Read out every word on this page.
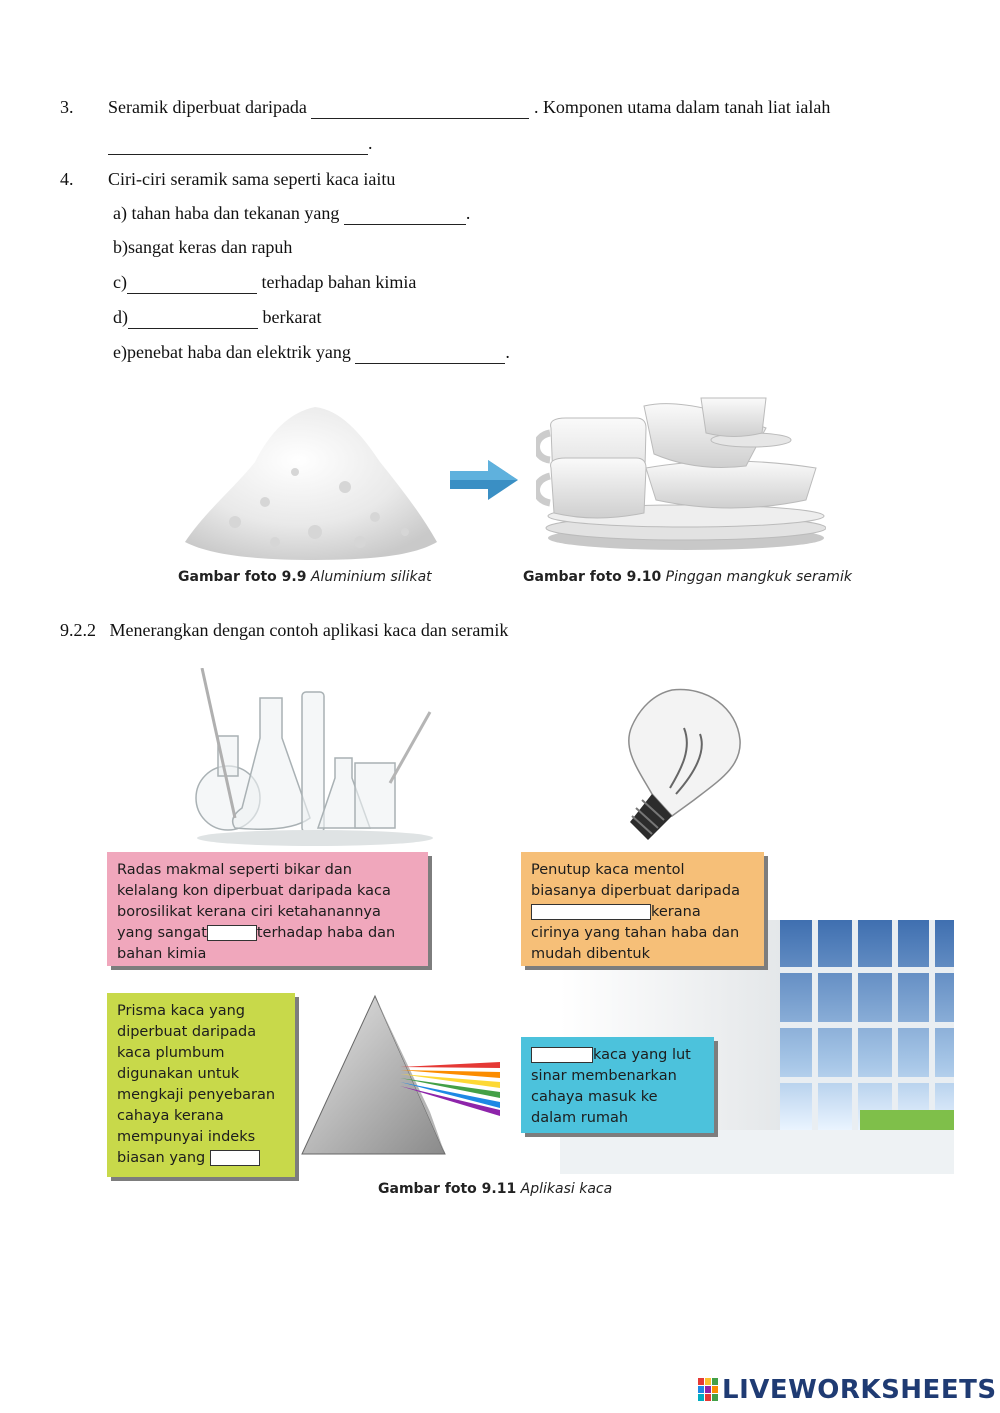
3. Seramik diperbuat daripada	. Komponen utama dalam tanah liat ialah
.
4. Ciri-ciri seramik sama seperti kaca iaitu
a) tahan haba dan tekanan yang	.
b)sangat keras dan rapuh
c)	terhadap bahan kimia
d)	berkarat
e)penebat haba dan elektrik yang	.
Gambar foto 9.9 Aluminium silikat	Gambar foto 9.10 Pinggan mangkuk seramik
9.2.2 Menerangkan dengan contoh aplikasi kaca dan seramik
Radas makmal seperti bikar dan
kelalang kon diperbuat daripada kaca
borosilikat kerana ciri ketahanannya
yang sangat	terhadap haba dan
bahan kimia
Penutup kaca mentol
biasanya diperbuat daripada
kerana
cirinya yang tahan haba dan
mudah dibentuk
Prisma kaca yang
diperbuat daripada
kaca plumbum
digunakan untuk
mengkaji penyebaran
cahaya kerana
mempunyai indeks
biasan yang
kaca yang lut
sinar membenarkan
cahaya masuk ke
dalam rumah
Gambar foto 9.11 Aplikasi kaca
LIVEWORKSHEETS
